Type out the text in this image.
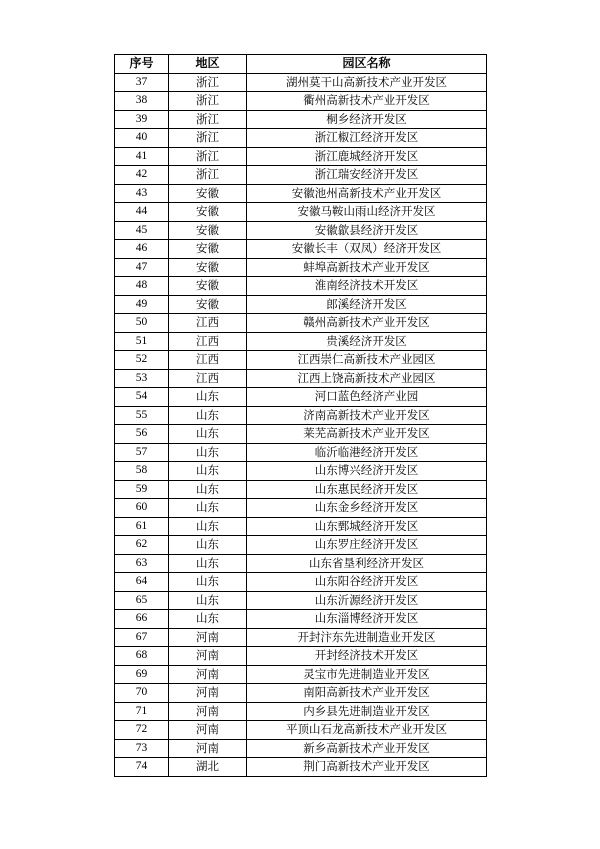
序号	地区	园区名称
37	浙江	湖州莫干山高新技术产业开发区
38	浙江	衢州高新技术产业开发区
39	浙江	桐乡经济开发区
40	浙江	浙江椒江经济开发区
41	浙江	浙江鹿城经济开发区
42	浙江	浙江瑞安经济开发区
43	安徽	安徽池州高新技术产业开发区
44	安徽	安徽马鞍山雨山经济开发区
45	安徽	安徽歙县经济开发区
46	安徽	安徽长丰（双凤）经济开发区
47	安徽	蚌埠高新技术产业开发区
48	安徽	淮南经济技术开发区
49	安徽	郎溪经济开发区
50	江西	赣州高新技术产业开发区
51	江西	贵溪经济开发区
52	江西	江西崇仁高新技术产业园区
53	江西	江西上饶高新技术产业园区
54	山东	河口蓝色经济产业园
55	山东	济南高新技术产业开发区
56	山东	莱芜高新技术产业开发区
57	山东	临沂临港经济开发区
58	山东	山东博兴经济开发区
59	山东	山东惠民经济开发区
60	山东	山东金乡经济开发区
61	山东	山东鄄城经济开发区
62	山东	山东罗庄经济开发区
63	山东	山东省垦利经济开发区
64	山东	山东阳谷经济开发区
65	山东	山东沂源经济开发区
66	山东	山东淄博经济开发区
67	河南	开封汴东先进制造业开发区
68	河南	开封经济技术开发区
69	河南	灵宝市先进制造业开发区
70	河南	南阳高新技术产业开发区
71	河南	内乡县先进制造业开发区
72	河南	平顶山石龙高新技术产业开发区
73	河南	新乡高新技术产业开发区
74	湖北	荆门高新技术产业开发区
